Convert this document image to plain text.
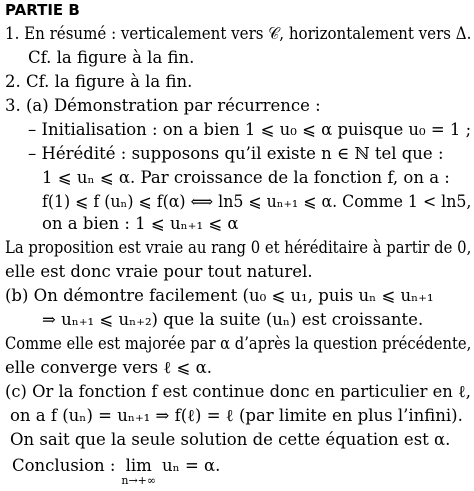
PARTIE B
1. En résumé : verticalement vers 𝒞, horizontalement vers Δ.
Cf. la figure à la fin.
2. Cf. la figure à la fin.
3. (a) Démonstration par récurrence :
– Initialisation : on a bien 1 ⩽ u₀ ⩽ α puisque u₀ = 1 ;
– Hérédité : supposons qu’il existe n ∈ ℕ tel que :
1 ⩽ uₙ ⩽ α. Par croissance de la fonction f, on a :
f(1) ⩽ f (uₙ) ⩽ f(α) ⟺ ln5 ⩽ uₙ₊₁ ⩽ α. Comme 1 < ln5,
on a bien : 1 ⩽ uₙ₊₁ ⩽ α
La proposition est vraie au rang 0 et héréditaire à partir de 0,
elle est donc vraie pour tout naturel.
(b) On démontre facilement (u₀ ⩽ u₁, puis uₙ ⩽ uₙ₊₁
⇒ uₙ₊₁ ⩽ uₙ₊₂) que la suite (uₙ) est croissante.
Comme elle est majorée par α d’après la question précédente,
elle converge vers ℓ ⩽ α.
(c) Or la fonction f est continue donc en particulier en ℓ,
on a f (uₙ) = uₙ₊₁ ⇒ f(ℓ) = ℓ (par limite en plus l’infini).
On sait que la seule solution de cette équation est α.
Conclusion : lim
n→+∞
uₙ = α.
